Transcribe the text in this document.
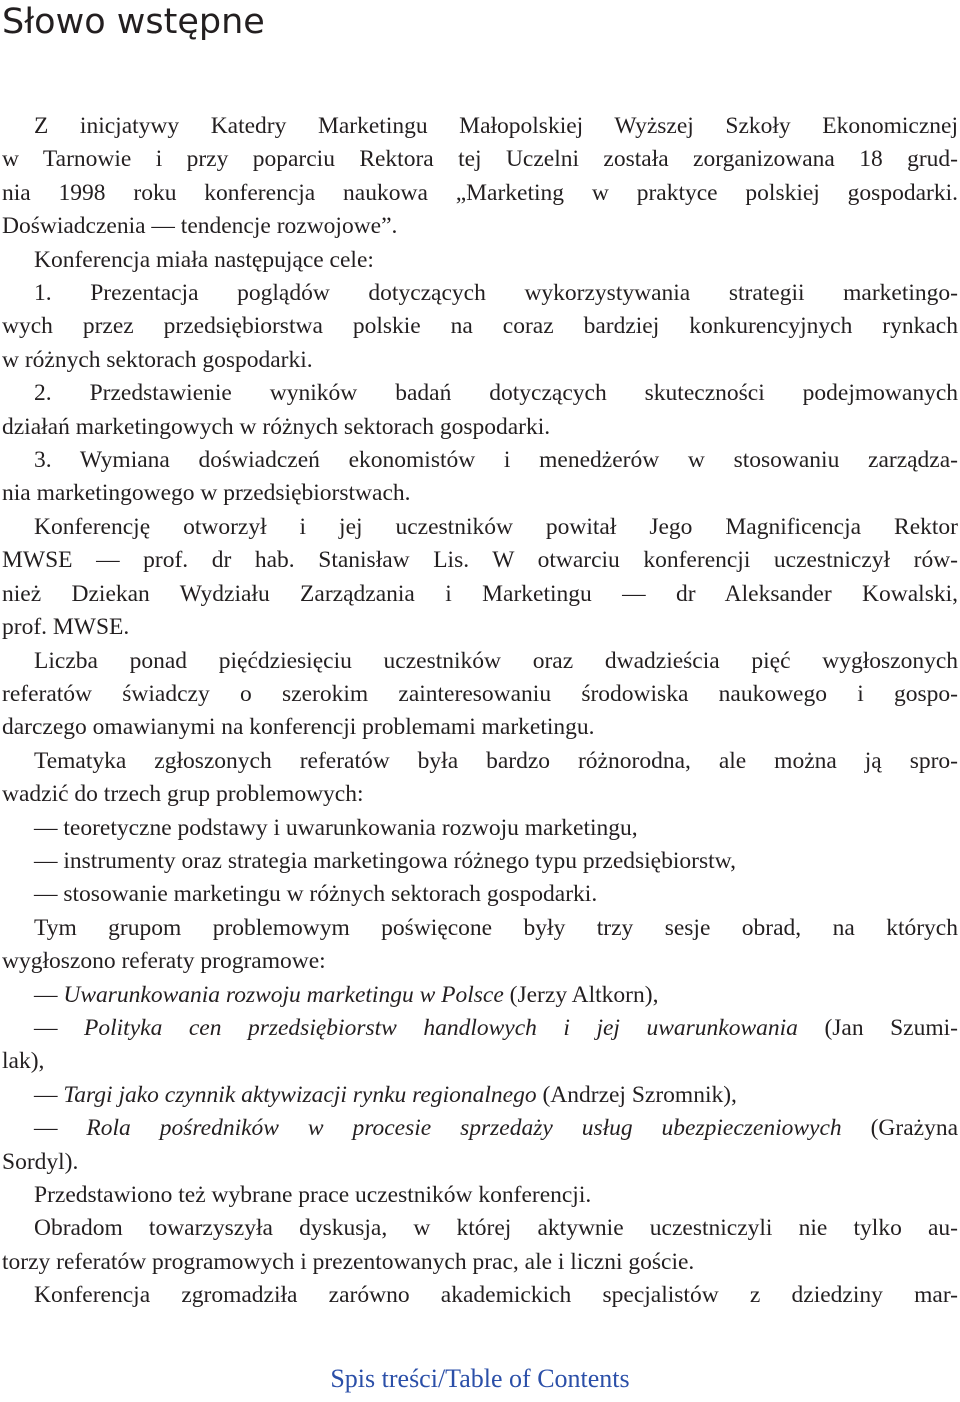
Słowo wstępne

Z inicjatywy Katedry Marketingu Małopolskiej Wyższej Szkoły Ekonomicznej

w Tarnowie i przy poparciu Rektora tej Uczelni została zorganizowana 18 grud-

nia 1998 roku konferencja naukowa „Marketing w praktyce polskiej gospodarki.

Doświadczenia — tendencje rozwojowe”.

Konferencja miała następujące cele:

1. Prezentacja poglądów dotyczących wykorzystywania strategii marketingo-

wych przez przedsiębiorstwa polskie na coraz bardziej konkurencyjnych rynkach

w różnych sektorach gospodarki.

2. Przedstawienie wyników badań dotyczących skuteczności podejmowanych

działań marketingowych w różnych sektorach gospodarki.

3. Wymiana doświadczeń ekonomistów i menedżerów w stosowaniu zarządza-

nia marketingowego w przedsiębiorstwach.

Konferencję otworzył i jej uczestników powitał Jego Magnificencja Rektor

MWSE — prof. dr hab. Stanisław Lis. W otwarciu konferencji uczestniczył rów-

nież Dziekan Wydziału Zarządzania i Marketingu — dr Aleksander Kowalski,

prof. MWSE.

Liczba ponad pięćdziesięciu uczestników oraz dwadzieścia pięć wygłoszonych

referatów świadczy o szerokim zainteresowaniu środowiska naukowego i gospo-

darczego omawianymi na konferencji problemami marketingu.

Tematyka zgłoszonych referatów była bardzo różnorodna, ale można ją spro-

wadzić do trzech grup problemowych:

— teoretyczne podstawy i uwarunkowania rozwoju marketingu,

— instrumenty oraz strategia marketingowa różnego typu przedsiębiorstw,

— stosowanie marketingu w różnych sektorach gospodarki.

Tym grupom problemowym poświęcone były trzy sesje obrad, na których

wygłoszono referaty programowe:

— Uwarunkowania rozwoju marketingu w Polsce (Jerzy Altkorn),

— Polityka cen przedsiębiorstw handlowych i jej uwarunkowania (Jan Szumi-

lak),

— Targi jako czynnik aktywizacji rynku regionalnego (Andrzej Szromnik),

— Rola pośredników w procesie sprzedaży usług ubezpieczeniowych (Grażyna

Sordyl).

Przedstawiono też wybrane prace uczestników konferencji.

Obradom towarzyszyła dyskusja, w której aktywnie uczestniczyli nie tylko au-

torzy referatów programowych i prezentowanych prac, ale i liczni goście.

Konferencja zgromadziła zarówno akademickich specjalistów z dziedziny mar-

Spis treści/Table of Contents
